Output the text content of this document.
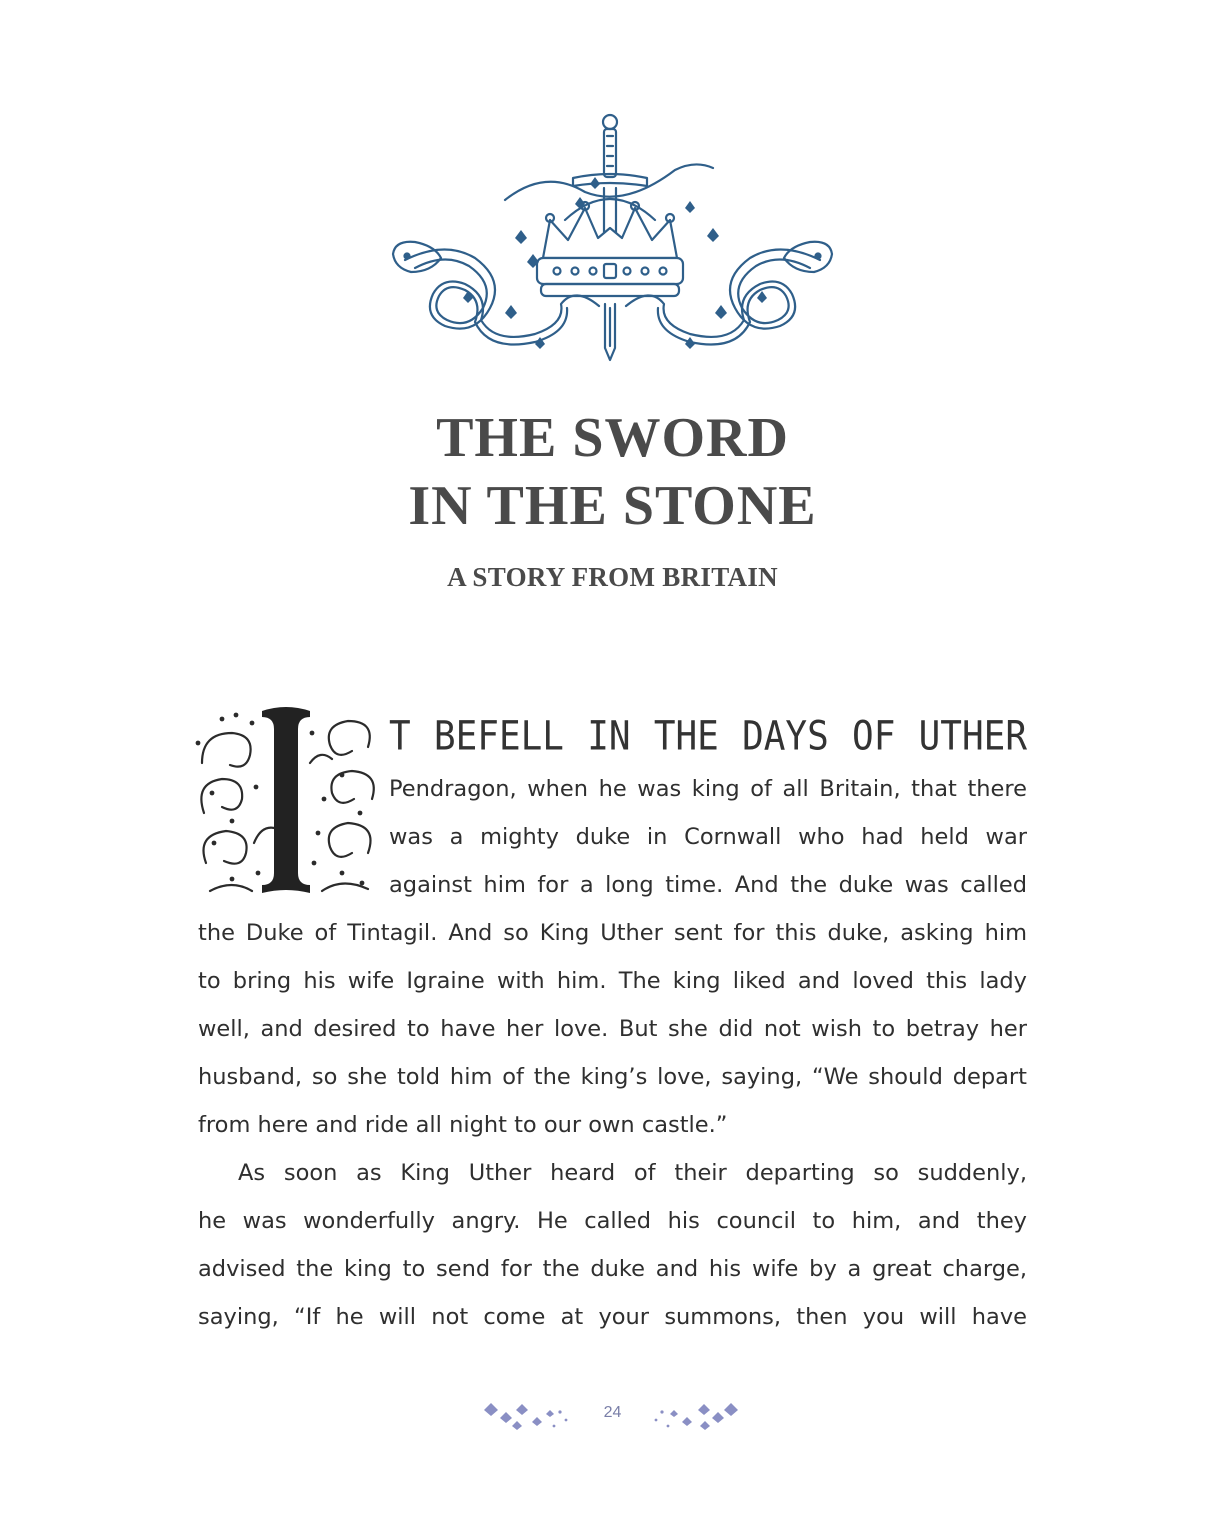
THE SWORD
IN THE STONE
A STORY FROM BRITAIN
T BEFELL IN THE DAYS OF UTHER
Pendragon, when he was king of all Britain, that there
was a mighty duke in Cornwall who had held war
against him for a long time. And the duke was called
the Duke of Tintagil. And so King Uther sent for this duke, asking him
to bring his wife Igraine with him. The king liked and loved this lady
well, and desired to have her love. But she did not wish to betray her
husband, so she told him of the king’s love, saying, “We should depart
from here and ride all night to our own castle.”
As soon as King Uther heard of their departing so suddenly,
he was wonderfully angry. He called his council to him, and they
advised the king to send for the duke and his wife by a great charge,
saying, “If he will not come at your summons, then you will have
24
